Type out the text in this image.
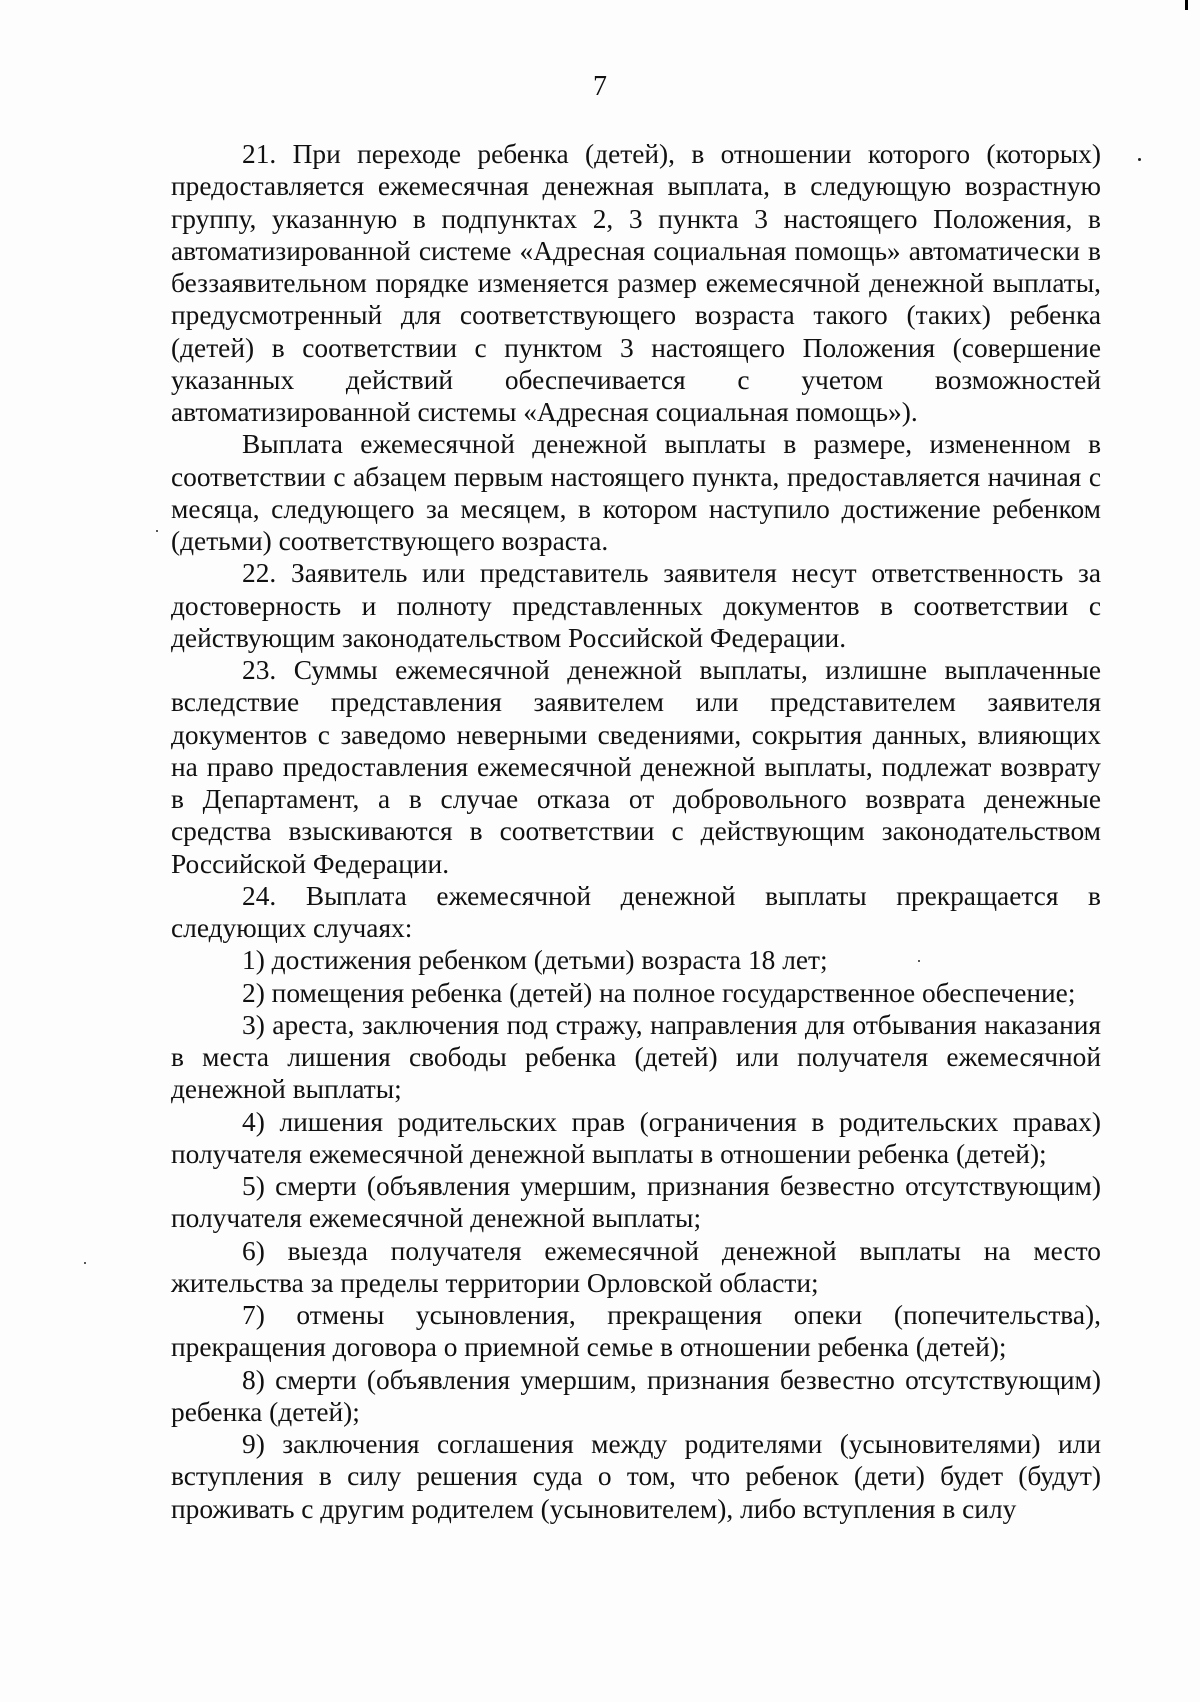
7

21. При переходе ребенка (детей), в отношении которого (которых) предоставляется ежемесячная денежная выплата, в следующую возрастную группу, указанную в подпунктах 2, 3 пункта 3 настоящего Положения, в автоматизированной системе «Адресная социальная помощь» автоматически в беззаявительном порядке изменяется размер ежемесячной денежной выплаты, предусмотренный для соответствующего возраста такого (таких) ребенка (детей) в соответствии с пунктом 3 настоящего Положения (совершение указанных действий обеспечивается с учетом возможностей автоматизированной системы «Адресная социальная помощь»).

Выплата ежемесячной денежной выплаты в размере, измененном в соответствии с абзацем первым настоящего пункта, предоставляется начиная с месяца, следующего за месяцем, в котором наступило достижение ребенком (детьми) соответствующего возраста.

22. Заявитель или представитель заявителя несут ответственность за достоверность и полноту представленных документов в соответствии с действующим законодательством Российской Федерации.

23. Суммы ежемесячной денежной выплаты, излишне выплаченные вследствие представления заявителем или представителем заявителя документов с заведомо неверными сведениями, сокрытия данных, влияющих на право предоставления ежемесячной денежной выплаты, подлежат возврату в Департамент, а в случае отказа от добровольного возврата денежные средства взыскиваются в соответствии с действующим законодательством Российской Федерации.

24. Выплата ежемесячной денежной выплаты прекращается в следующих случаях:

1) достижения ребенком (детьми) возраста 18 лет;

2) помещения ребенка (детей) на полное государственное обеспечение;

3) ареста, заключения под стражу, направления для отбывания наказания в места лишения свободы ребенка (детей) или получателя ежемесячной денежной выплаты;

4) лишения родительских прав (ограничения в родительских правах) получателя ежемесячной денежной выплаты в отношении ребенка (детей);

5) смерти (объявления умершим, признания безвестно отсутствующим) получателя ежемесячной денежной выплаты;

6) выезда получателя ежемесячной денежной выплаты на место жительства за пределы территории Орловской области;

7) отмены усыновления, прекращения опеки (попечительства), прекращения договора о приемной семье в отношении ребенка (детей);

8) смерти (объявления умершим, признания безвестно отсутствующим) ребенка (детей);

9) заключения соглашения между родителями (усыновителями) или вступления в силу решения суда о том, что ребенок (дети) будет (будут) проживать с другим родителем (усыновителем), либо вступления в силу
